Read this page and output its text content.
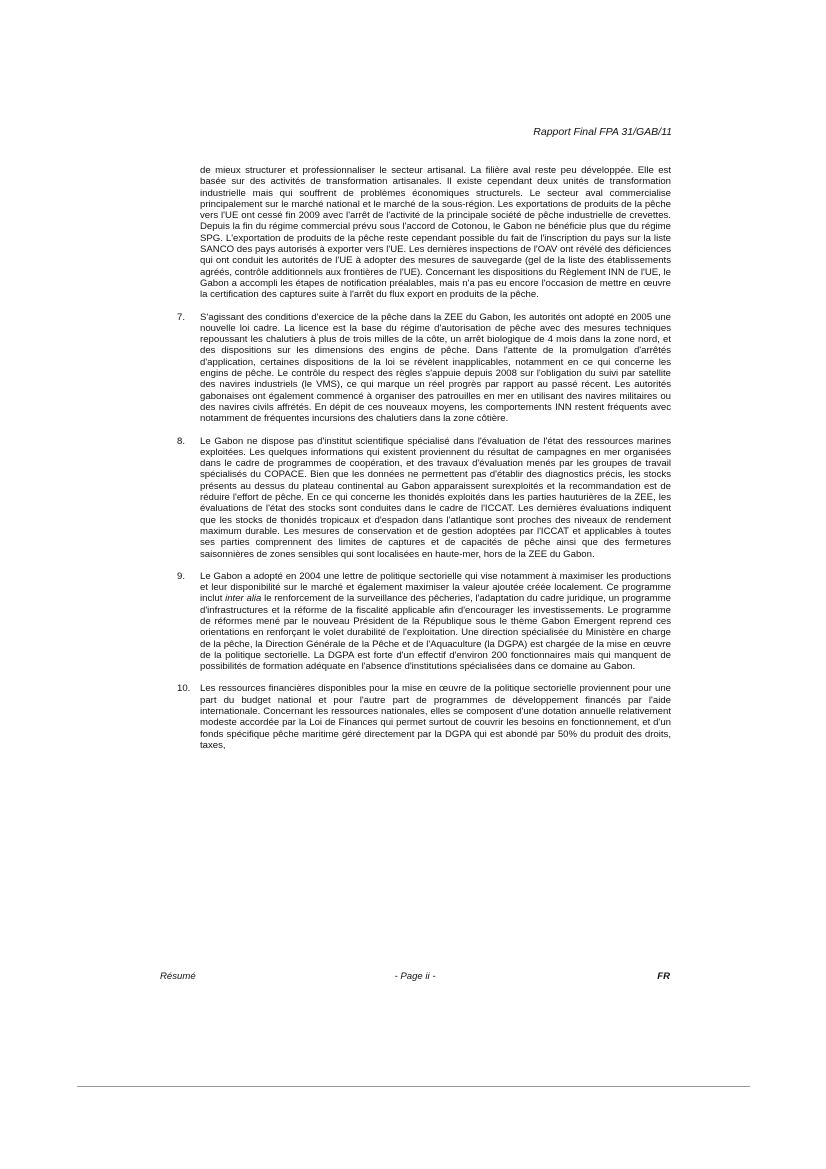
Rapport Final FPA 31/GAB/11

de mieux structurer et professionnaliser le secteur artisanal. La filière aval reste peu développée. Elle est basée sur des activités de transformation artisanales. Il existe cependant deux unités de transformation industrielle mais qui souffrent de problèmes économiques structurels. Le secteur aval commercialise principalement sur le marché national et le marché de la sous-région. Les exportations de produits de la pêche vers l'UE ont cessé fin 2009 avec l'arrêt de l'activité de la principale société de pêche industrielle de crevettes. Depuis la fin du régime commercial prévu sous l'accord de Cotonou, le Gabon ne bénéficie plus que du régime SPG. L'exportation de produits de la pêche reste cependant possible du fait de l'inscription du pays sur la liste SANCO des pays autorisés à exporter vers l'UE. Les dernières inspections de l'OAV ont révélé des déficiences qui ont conduit les autorités de l'UE à adopter des mesures de sauvegarde (gel de la liste des établissements agréés, contrôle additionnels aux frontières de l'UE). Concernant les dispositions du Règlement INN de l'UE, le Gabon a accompli les étapes de notification préalables, mais n'a pas eu encore l'occasion de mettre en œuvre la certification des captures suite à l'arrêt du flux export en produits de la pêche.

7. S'agissant des conditions d'exercice de la pêche dans la ZEE du Gabon, les autorités ont adopté en 2005 une nouvelle loi cadre. La licence est la base du régime d'autorisation de pêche avec des mesures techniques repoussant les chalutiers à plus de trois milles de la côte, un arrêt biologique de 4 mois dans la zone nord, et des dispositions sur les dimensions des engins de pêche. Dans l'attente de la promulgation d'arrêtés d'application, certaines dispositions de la loi se révèlent inapplicables, notamment en ce qui concerne les engins de pêche. Le contrôle du respect des règles s'appuie depuis 2008 sur l'obligation du suivi par satellite des navires industriels (le VMS), ce qui marque un réel progrès par rapport au passé récent. Les autorités gabonaises ont également commencé à organiser des patrouilles en mer en utilisant des navires militaires ou des navires civils affrétés. En dépit de ces nouveaux moyens, les comportements INN restent fréquents avec notamment de fréquentes incursions des chalutiers dans la zone côtière.

8. Le Gabon ne dispose pas d'institut scientifique spécialisé dans l'évaluation de l'état des ressources marines exploitées. Les quelques informations qui existent proviennent du résultat de campagnes en mer organisées dans le cadre de programmes de coopération, et des travaux d'évaluation menés par les groupes de travail spécialisés du COPACE. Bien que les données ne permettent pas d'établir des diagnostics précis, les stocks présents au dessus du plateau continental au Gabon apparaissent surexploités et la recommandation est de réduire l'effort de pêche. En ce qui concerne les thonidés exploités dans les parties hauturières de la ZEE, les évaluations de l'état des stocks sont conduites dans le cadre de l'ICCAT. Les dernières évaluations indiquent que les stocks de thonidés tropicaux et d'espadon dans l'atlantique sont proches des niveaux de rendement maximum durable. Les mesures de conservation et de gestion adoptées par l'ICCAT et applicables à toutes ses parties comprennent des limites de captures et de capacités de pêche ainsi que des fermetures saisonnières de zones sensibles qui sont localisées en haute-mer, hors de la ZEE du Gabon.

9. Le Gabon a adopté en 2004 une lettre de politique sectorielle qui vise notamment à maximiser les productions et leur disponibilité sur le marché et également maximiser la valeur ajoutée créée localement. Ce programme inclut inter alia le renforcement de la surveillance des pêcheries, l'adaptation du cadre juridique, un programme d'infrastructures et la réforme de la fiscalité applicable afin d'encourager les investissements. Le programme de réformes mené par le nouveau Président de la République sous le thème Gabon Emergent reprend ces orientations en renforçant le volet durabilité de l'exploitation. Une direction spécialisée du Ministère en charge de la pêche, la Direction Générale de la Pêche et de l'Aquaculture (la DGPA) est chargée de la mise en œuvre de la politique sectorielle. La DGPA est forte d'un effectif d'environ 200 fonctionnaires mais qui manquent de possibilités de formation adéquate en l'absence d'institutions spécialisées dans ce domaine au Gabon.

10. Les ressources financières disponibles pour la mise en œuvre de la politique sectorielle proviennent pour une part du budget national et pour l'autre part de programmes de développement financés par l'aide internationale. Concernant les ressources nationales, elles se composent d'une dotation annuelle relativement modeste accordée par la Loi de Finances qui permet surtout de couvrir les besoins en fonctionnement, et d'un fonds spécifique pêche maritime géré directement par la DGPA qui est abondé par 50% du produit des droits, taxes,

Résumé	- Page ii -	FR
